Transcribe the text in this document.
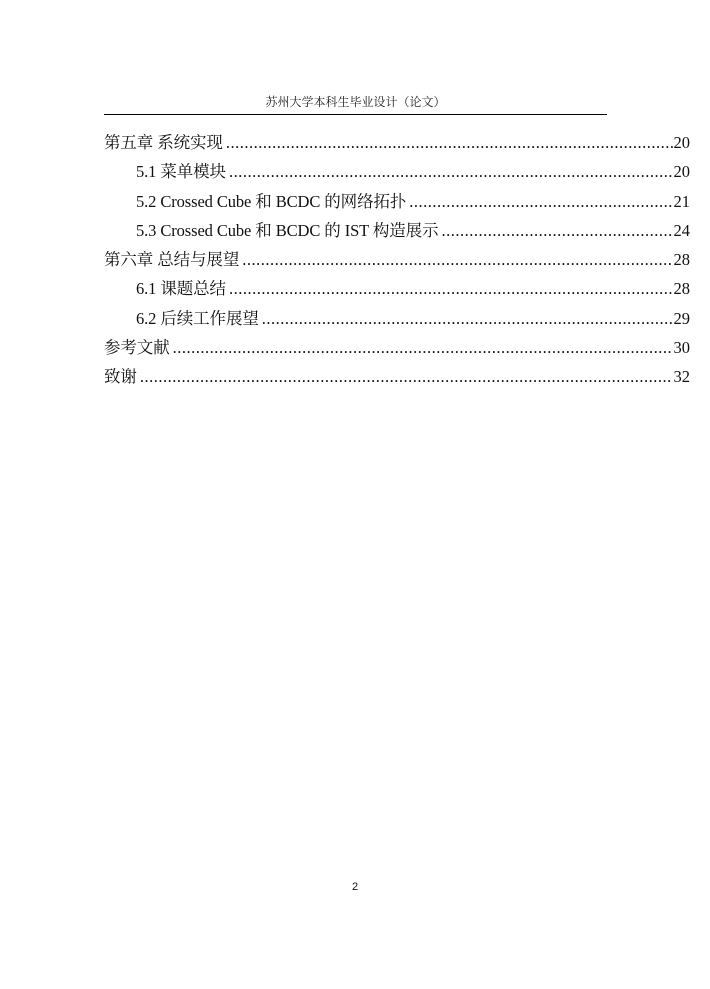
苏州大学本科生毕业设计（论文）
第五章 系统实现 .....	20
5.1 菜单模块 .....	20
5.2 Crossed Cube 和 BCDC 的网络拓扑 .....	21
5.3 Crossed Cube 和 BCDC 的 IST 构造展示 .....	24
第六章 总结与展望 .....	28
6.1 课题总结 .....	28
6.2 后续工作展望 .....	29
参考文献 .....	30
致谢 .....	32
2
